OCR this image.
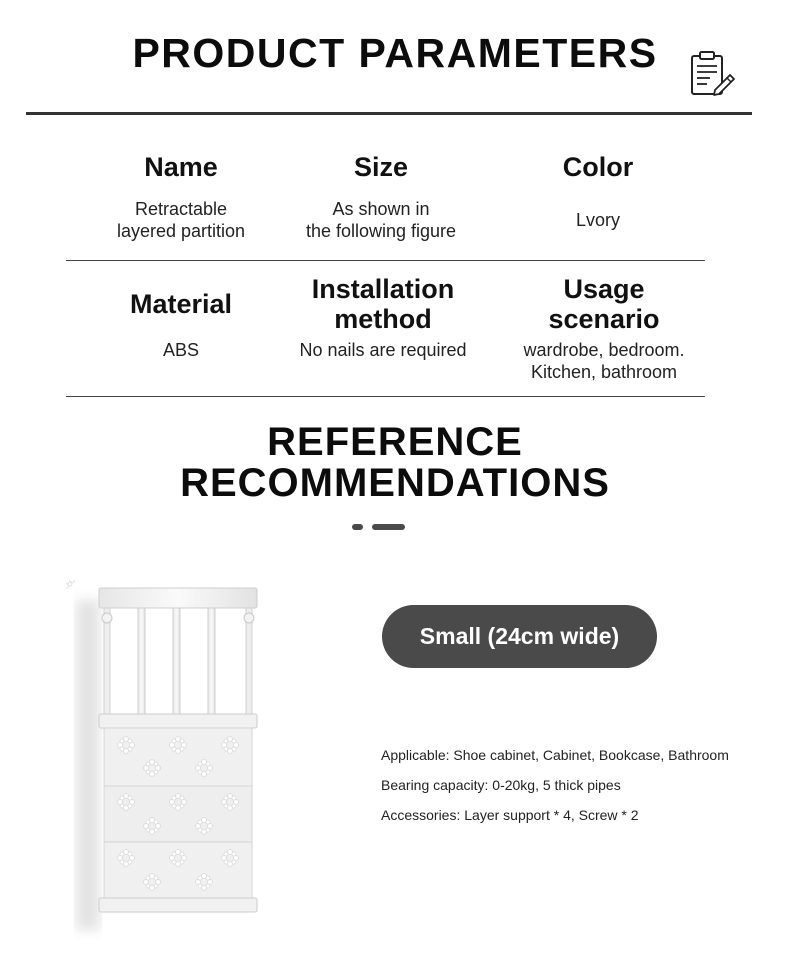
PRODUCT PARAMETERS
Name
Retractable
layered partition
Size
As shown in
the following figure
Color
Lvory
Material
ABS
Installation
method
No nails are required
Usage
scenario
wardrobe, bedroom.
Kitchen, bathroom
REFERENCE
RECOMMENDATIONS
Small (24cm wide)
Applicable: Shoe cabinet, Cabinet, Bookcase, Bathroom
Bearing capacity: 0-20kg, 5 thick pipes
Accessories: Layer support * 4, Screw * 2
